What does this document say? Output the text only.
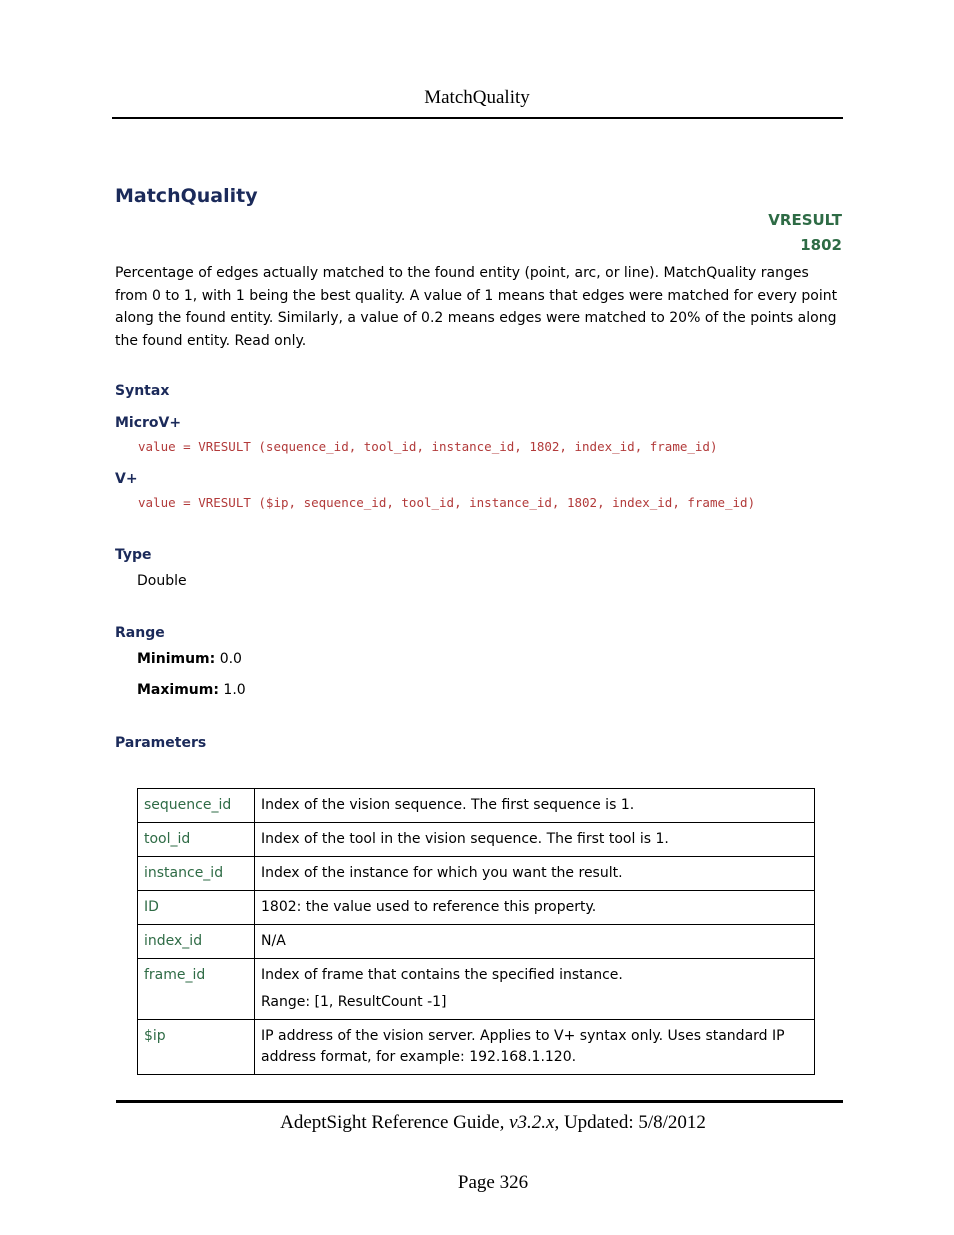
MatchQuality
MatchQuality
VRESULT
1802
Percentage of edges actually matched to the found entity (point, arc, or line). MatchQuality ranges from 0 to 1, with 1 being the best quality. A value of 1 means that edges were matched for every point along the found entity. Similarly, a value of 0.2 means edges were matched to 20% of the points along the found entity. Read only.
Syntax
MicroV+
value = VRESULT (sequence_id, tool_id, instance_id, 1802, index_id, frame_id)
V+
value = VRESULT ($ip, sequence_id, tool_id, instance_id, 1802, index_id, frame_id)
Type
Double
Range
Minimum: 0.0
Maximum: 1.0
Parameters
sequence_id	Index of the vision sequence. The first sequence is 1.
tool_id	Index of the tool in the vision sequence. The first tool is 1.
instance_id	Index of the instance for which you want the result.
ID	1802: the value used to reference this property.
index_id	N/A
frame_id	Index of frame that contains the specified instance.
Range: [1, ResultCount -1]

$ip	IP address of the vision server. Applies to V+ syntax only. Uses standard IP address format, for example: 192.168.1.120.
AdeptSight Reference Guide, v3.2.x, Updated: 5/8/2012
Page 326
